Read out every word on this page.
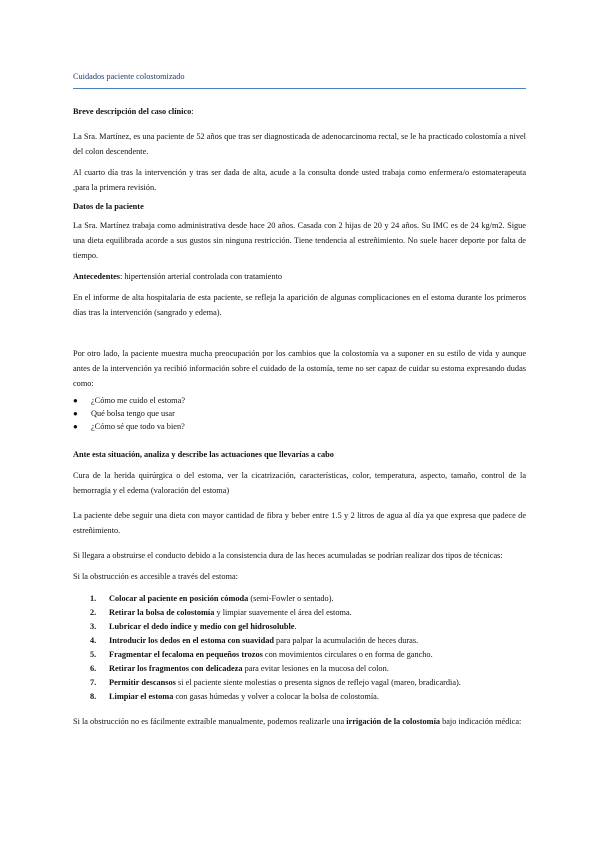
Cuidados paciente colostomizado

Breve descripción del caso clínico:

La Sra. Martínez, es una paciente de 52 años que tras ser diagnosticada de adenocarcinoma rectal, se le ha practicado colostomía a nivel del colon descendente.

Al cuarto día tras la intervención y tras ser dada de alta, acude a la consulta donde usted trabaja como enfermera/o estomaterapeuta ,para la primera revisión.

Datos de la paciente

La Sra. Martínez trabaja como administrativa desde hace 20 años. Casada con 2 hijas de 20 y 24 años. Su IMC es de 24 kg/m2. Sigue una dieta equilibrada acorde a sus gustos sin ninguna restricción. Tiene tendencia al estreñimiento. No suele hacer deporte por falta de tiempo.

Antecedentes: hipertensión arterial controlada con tratamiento

En el informe de alta hospitalaria de esta paciente, se refleja la aparición de algunas complicaciones en el estoma durante los primeros días tras la intervención (sangrado y edema).

Por otro lado, la paciente muestra mucha preocupación por los cambios que la colostomía va a suponer en su estilo de vida y aunque antes de la intervención ya recibió información sobre el cuidado de la ostomía, teme no ser capaz de cuidar su estoma expresando dudas como:

● ¿Cómo me cuido el estoma?
● Qué bolsa tengo que usar
● ¿Cómo sé que todo va bien?

Ante esta situación, analiza y describe las actuaciones que llevarías a cabo

Cura de la herida quirúrgica o del estoma, ver la cicatrización, características, color, temperatura, aspecto, tamaño, control de la hemorragia y el edema (valoración del estoma)

La paciente debe seguir una dieta con mayor cantidad de fibra y beber entre 1.5 y 2 litros de agua al día ya que expresa que padece de estreñimiento.

Si llegara a obstruirse el conducto debido a la consistencia dura de las heces acumuladas se podrían realizar dos tipos de técnicas:

Si la obstrucción es accesible a través del estoma:

1. Colocar al paciente en posición cómoda (semi-Fowler o sentado).
2. Retirar la bolsa de colostomía y limpiar suavemente el área del estoma.
3. Lubricar el dedo índice y medio con gel hidrosoluble.
4. Introducir los dedos en el estoma con suavidad para palpar la acumulación de heces duras.
5. Fragmentar el fecaloma en pequeños trozos con movimientos circulares o en forma de gancho.
6. Retirar los fragmentos con delicadeza para evitar lesiones en la mucosa del colon.
7. Permitir descansos si el paciente siente molestias o presenta signos de reflejo vagal (mareo, bradicardia).
8. Limpiar el estoma con gasas húmedas y volver a colocar la bolsa de colostomía.

Si la obstrucción no es fácilmente extraíble manualmente, podemos realizarle una irrigación de la colostomía bajo indicación médica:
